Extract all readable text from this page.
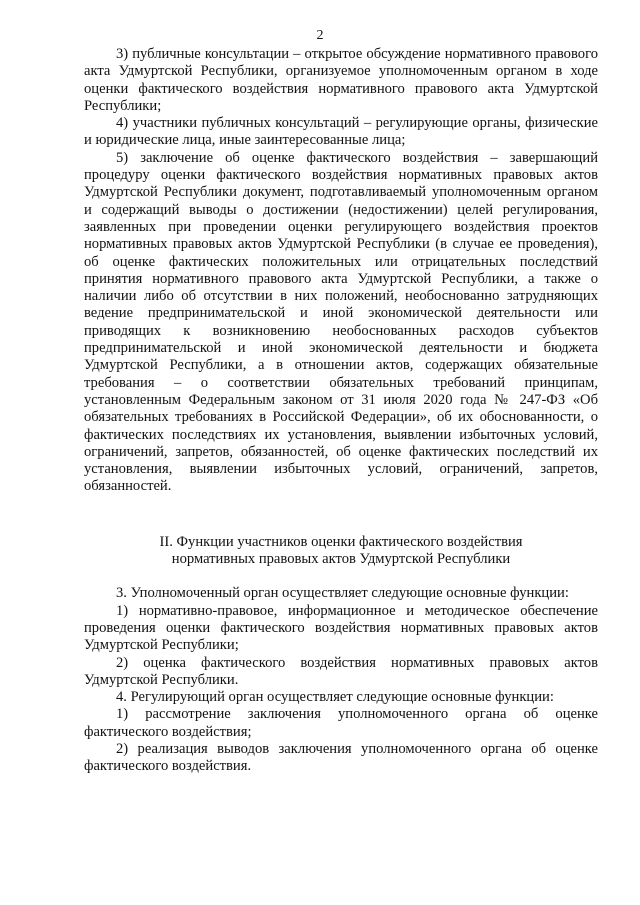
2

3) публичные консультации – открытое обсуждение нормативного правового акта Удмуртской Республики, организуемое уполномоченным органом в ходе оценки фактического воздействия нормативного правового акта Удмуртской Республики;

4) участники публичных консультаций – регулирующие органы, физические и юридические лица, иные заинтересованные лица;

5) заключение об оценке фактического воздействия – завершающий процедуру оценки фактического воздействия нормативных правовых актов Удмуртской Республики документ, подготавливаемый уполномоченным органом и содержащий выводы о достижении (недостижении) целей регулирования, заявленных при проведении оценки регулирующего воздействия проектов нормативных правовых актов Удмуртской Республики (в случае ее проведения), об оценке фактических положительных или отрицательных последствий принятия нормативного правового акта Удмуртской Республики, а также о наличии либо об отсутствии в них положений, необоснованно затрудняющих ведение предпринимательской и иной экономической деятельности или приводящих к возникновению необоснованных расходов субъектов предпринимательской и иной экономической деятельности и бюджета Удмуртской Республики, а в отношении актов, содержащих обязательные требования – о соответствии обязательных требований принципам, установленным Федеральным законом от 31 июля 2020 года № 247-ФЗ «Об обязательных требованиях в Российской Федерации», об их обоснованности, о фактических последствиях их установления, выявлении избыточных условий, ограничений, запретов, обязанностей, об оценке фактических последствий их установления, выявлении избыточных условий, ограничений, запретов, обязанностей.

II. Функции участников оценки фактического воздействия
нормативных правовых актов Удмуртской Республики

3. Уполномоченный орган осуществляет следующие основные функции:

1) нормативно-правовое, информационное и методическое обеспечение проведения оценки фактического воздействия нормативных правовых актов Удмуртской Республики;

2) оценка фактического воздействия нормативных правовых актов Удмуртской Республики.

4. Регулирующий орган осуществляет следующие основные функции:

1) рассмотрение заключения уполномоченного органа об оценке фактического воздействия;

2) реализация выводов заключения уполномоченного органа об оценке фактического воздействия.
